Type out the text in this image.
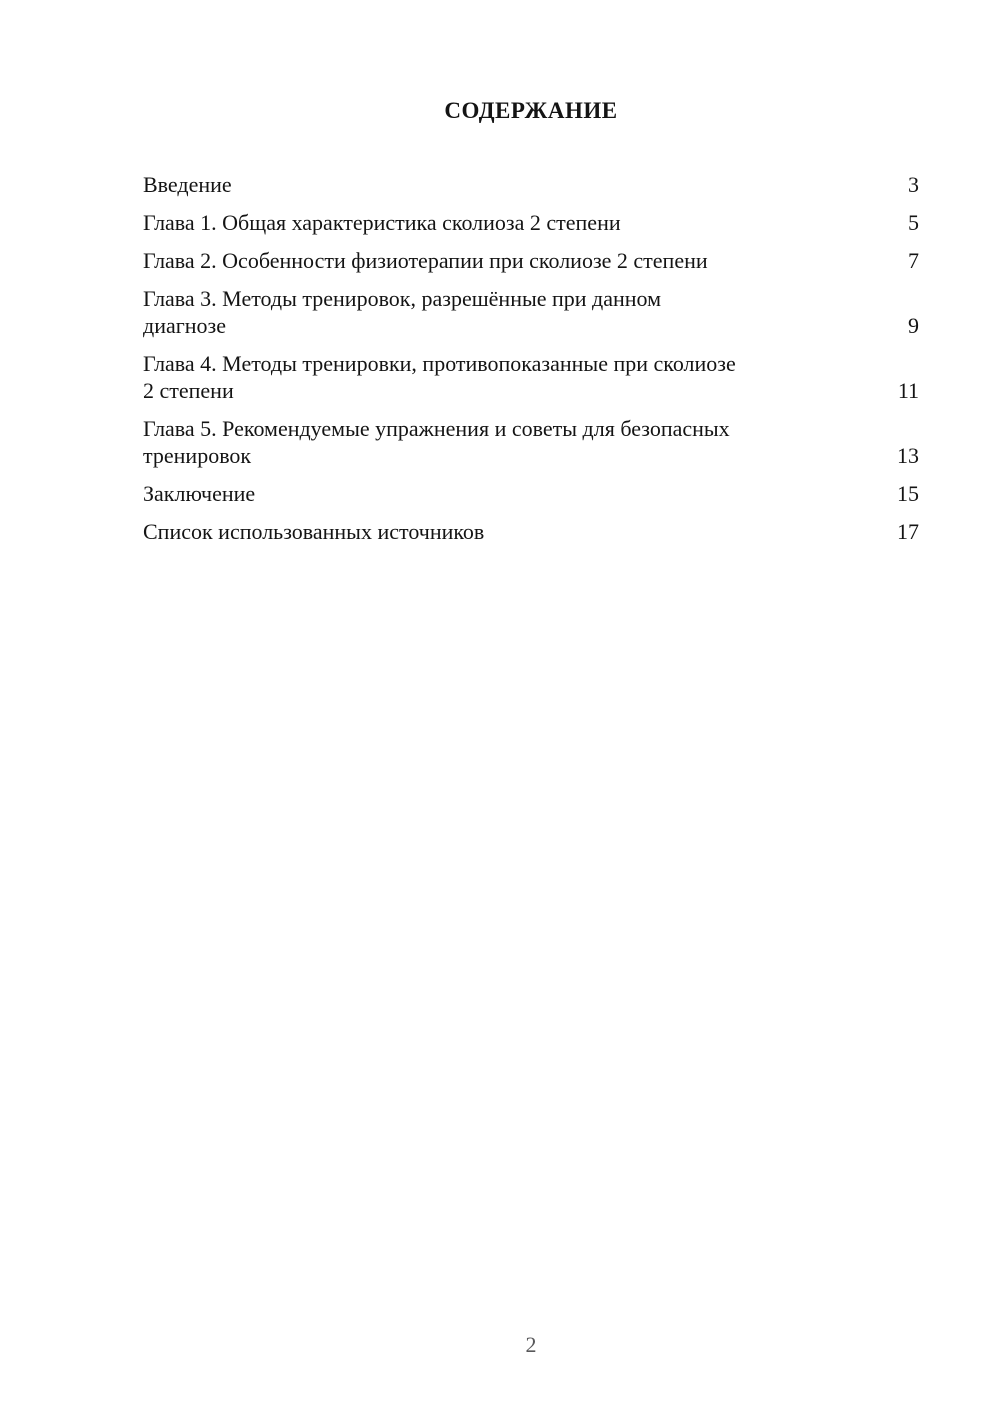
СОДЕРЖАНИЕ
Введение	3
Глава 1. Общая характеристика сколиоза 2 степени	5
Глава 2. Особенности физиотерапии при сколиозе 2 степени	7
Глава 3. Методы тренировок, разрешённые при данном
диагнозе	9
Глава 4. Методы тренировки, противопоказанные при сколиозе
2 степени	11
Глава 5. Рекомендуемые упражнения и советы для безопасных
тренировок	13
Заключение	15
Список использованных источников	17
2
